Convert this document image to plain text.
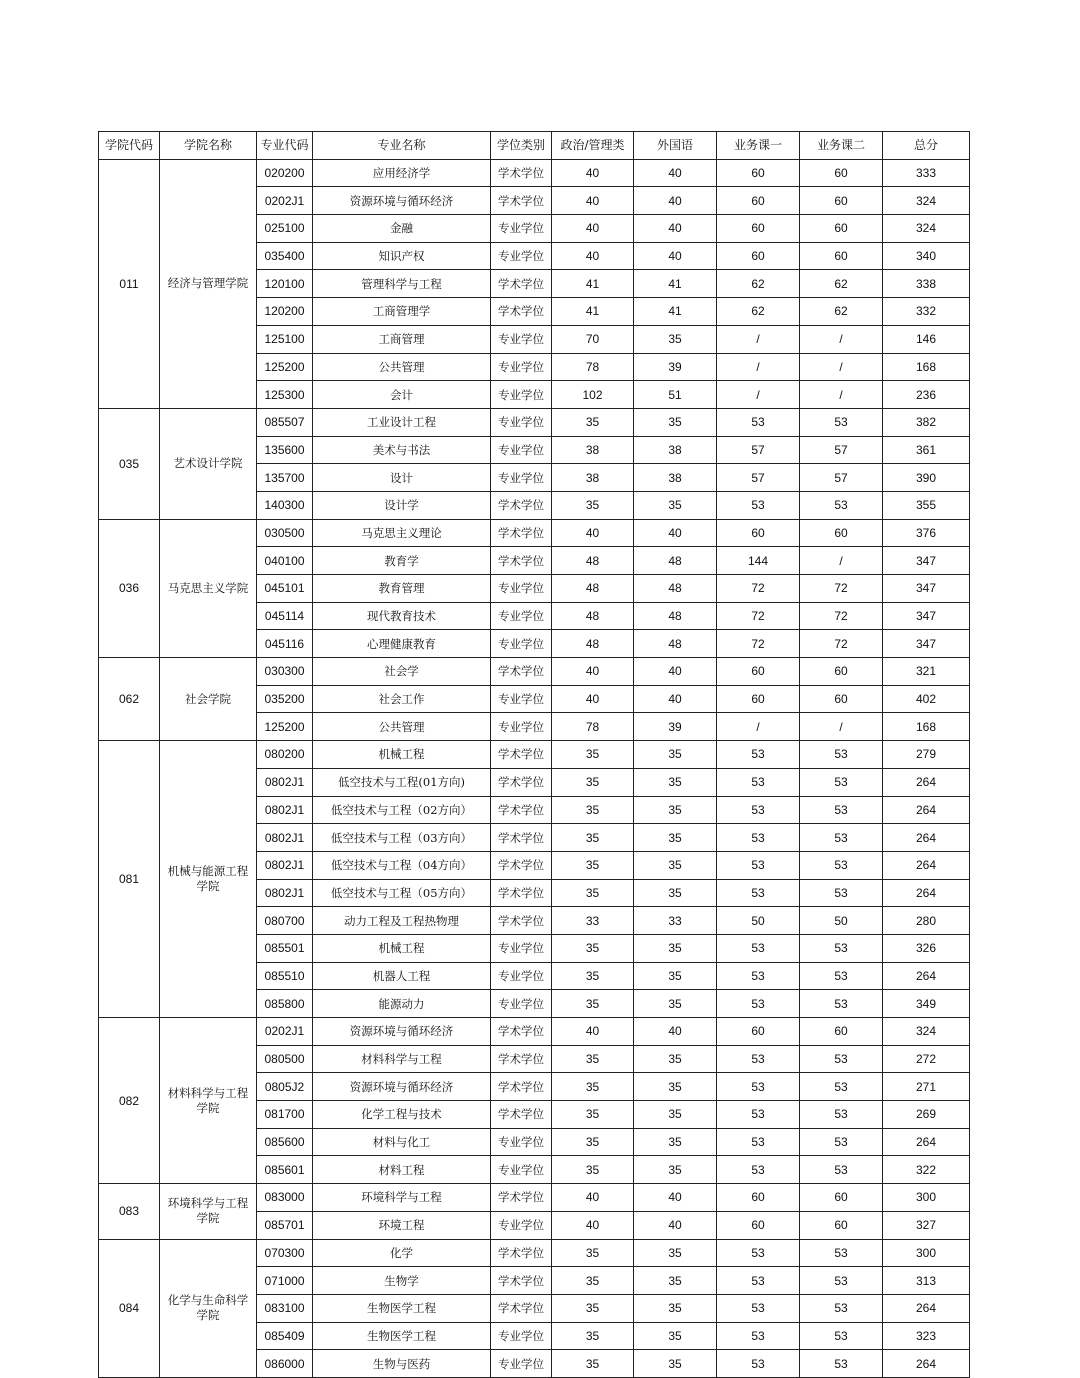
学院代码	学院名称	专业代码	专业名称	学位类别	政治/管理类	外国语	业务课一	业务课二	总分
011	经济与管理学院	020200	应用经济学	学术学位	40	40	60	60	333
		0202J1	资源环境与循环经济	学术学位	40	40	60	60	324
		025100	金融	专业学位	40	40	60	60	324
		035400	知识产权	专业学位	40	40	60	60	340
		120100	管理科学与工程	学术学位	41	41	62	62	338
		120200	工商管理学	学术学位	41	41	62	62	332
		125100	工商管理	专业学位	70	35	/	/	146
		125200	公共管理	专业学位	78	39	/	/	168
		125300	会计	专业学位	102	51	/	/	236
035	艺术设计学院	085507	工业设计工程	专业学位	35	35	53	53	382
		135600	美术与书法	专业学位	38	38	57	57	361
		135700	设计	专业学位	38	38	57	57	390
		140300	设计学	学术学位	35	35	53	53	355
036	马克思主义学院	030500	马克思主义理论	学术学位	40	40	60	60	376
		040100	教育学	学术学位	48	48	144	/	347
		045101	教育管理	专业学位	48	48	72	72	347
		045114	现代教育技术	专业学位	48	48	72	72	347
		045116	心理健康教育	专业学位	48	48	72	72	347
062	社会学院	030300	社会学	学术学位	40	40	60	60	321
		035200	社会工作	专业学位	40	40	60	60	402
		125200	公共管理	专业学位	78	39	/	/	168
081	机械与能源工程学院	080200	机械工程	学术学位	35	35	53	53	279
		0802J1	低空技术与工程(01方向)	学术学位	35	35	53	53	264
		0802J1	低空技术与工程（02方向）	学术学位	35	35	53	53	264
		0802J1	低空技术与工程（03方向）	学术学位	35	35	53	53	264
		0802J1	低空技术与工程（04方向）	学术学位	35	35	53	53	264
		0802J1	低空技术与工程（05方向）	学术学位	35	35	53	53	264
		080700	动力工程及工程热物理	学术学位	33	33	50	50	280
		085501	机械工程	专业学位	35	35	53	53	326
		085510	机器人工程	专业学位	35	35	53	53	264
		085800	能源动力	专业学位	35	35	53	53	349
082	材料科学与工程学院	0202J1	资源环境与循环经济	学术学位	40	40	60	60	324
		080500	材料科学与工程	学术学位	35	35	53	53	272
		0805J2	资源环境与循环经济	学术学位	35	35	53	53	271
		081700	化学工程与技术	学术学位	35	35	53	53	269
		085600	材料与化工	专业学位	35	35	53	53	264
		085601	材料工程	专业学位	35	35	53	53	322
083	环境科学与工程学院	083000	环境科学与工程	学术学位	40	40	60	60	300
		085701	环境工程	专业学位	40	40	60	60	327
084	化学与生命科学学院	070300	化学	学术学位	35	35	53	53	300
		071000	生物学	学术学位	35	35	53	53	313
		083100	生物医学工程	学术学位	35	35	53	53	264
		085409	生物医学工程	专业学位	35	35	53	53	323
		086000	生物与医药	专业学位	35	35	53	53	264
